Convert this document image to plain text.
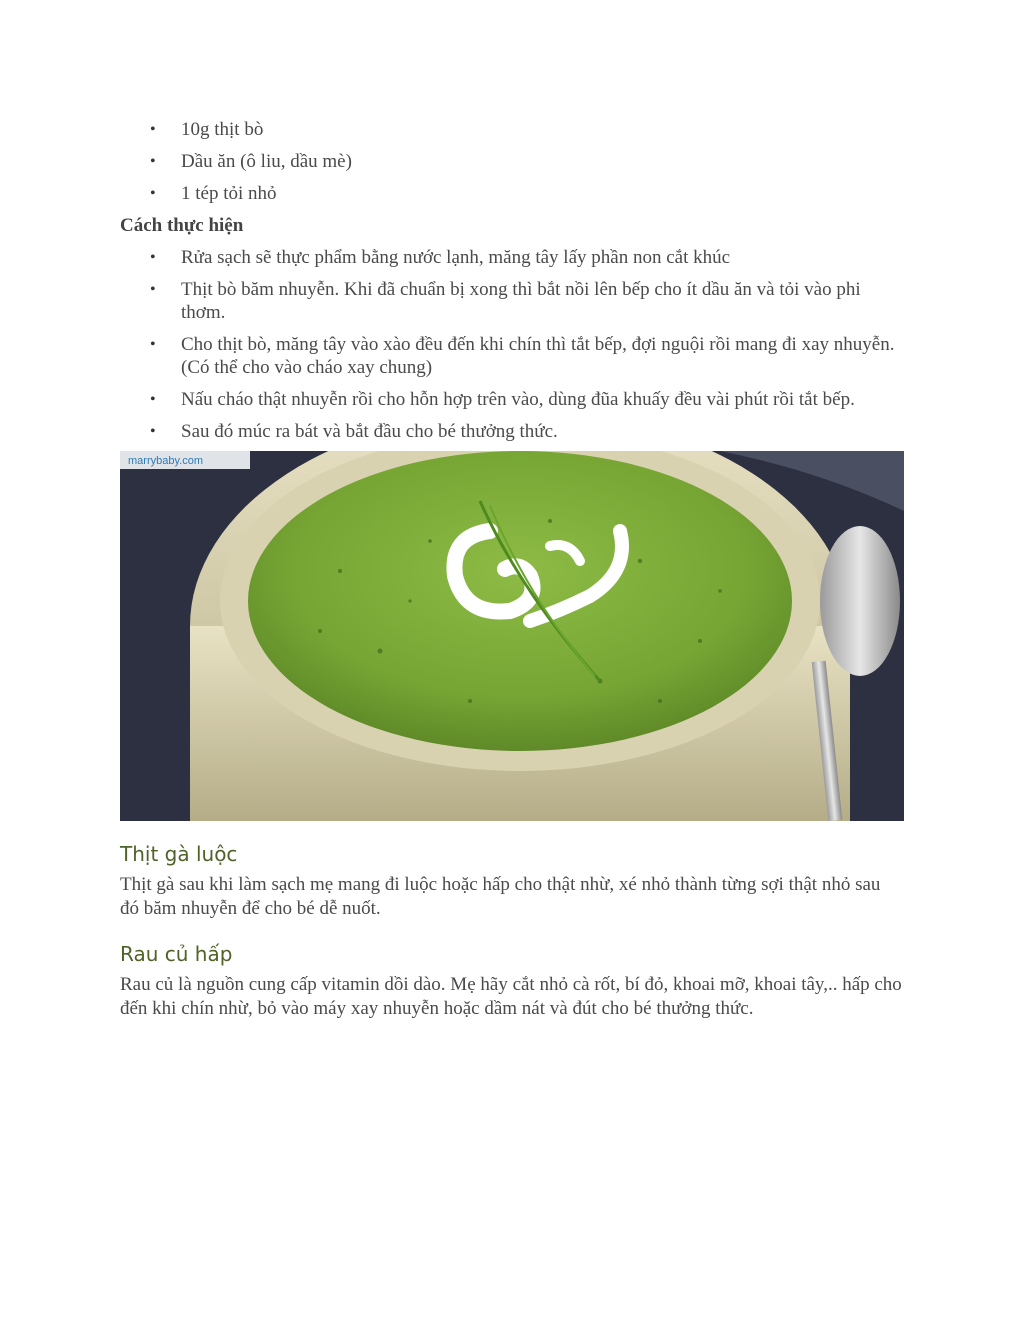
• 10g thịt bò
• Dầu ăn (ô liu, dầu mè)
• 1 tép tỏi nhỏ
Cách thực hiện
• Rửa sạch sẽ thực phẩm bằng nước lạnh, măng tây lấy phần non cắt khúc
• Thịt bò băm nhuyễn. Khi đã chuẩn bị xong thì bắt nồi lên bếp cho ít dầu ăn và tỏi vào phi thơm.
• Cho thịt bò, măng tây vào xào đều đến khi chín thì tắt bếp, đợi nguội rồi mang đi xay nhuyễn. (Có thể cho vào cháo xay chung)
• Nấu cháo thật nhuyễn rồi cho hỗn hợp trên vào, dùng đũa khuấy đều vài phút rồi tắt bếp.
• Sau đó múc ra bát và bắt đầu cho bé thưởng thức.
marrybaby.com
Thịt gà luộc

Thịt gà sau khi làm sạch mẹ mang đi luộc hoặc hấp cho thật nhừ, xé nhỏ thành từng sợi thật nhỏ sau đó băm nhuyễn để cho bé dễ nuốt.

Rau củ hấp

Rau củ là nguồn cung cấp vitamin dồi dào. Mẹ hãy cắt nhỏ cà rốt, bí đỏ, khoai mỡ, khoai tây,.. hấp cho đến khi chín nhừ, bỏ vào máy xay nhuyễn hoặc dầm nát và đút cho bé thưởng thức.
